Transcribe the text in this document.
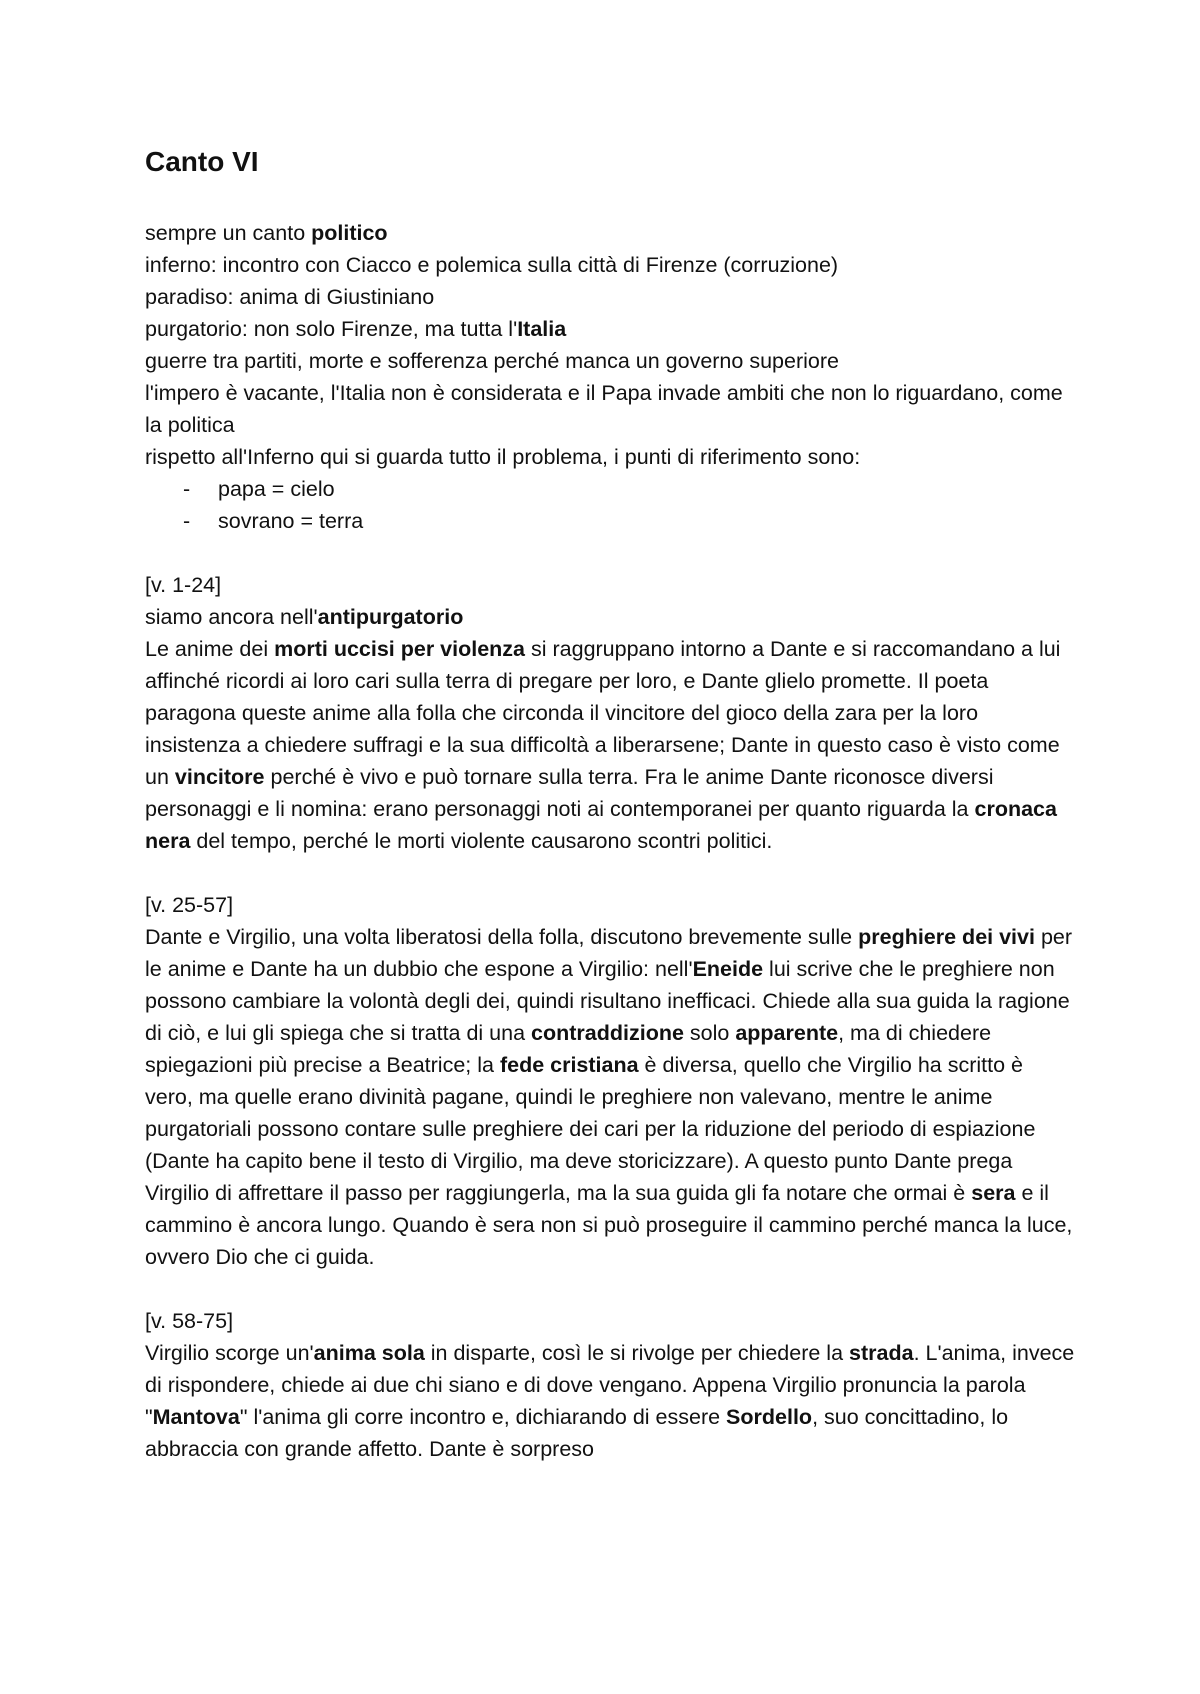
Canto VI
sempre un canto politico
inferno: incontro con Ciacco e polemica sulla città di Firenze (corruzione)
paradiso: anima di Giustiniano
purgatorio: non solo Firenze, ma tutta l'Italia
guerre tra partiti, morte e sofferenza perché manca un governo superiore
l'impero è vacante, l'Italia non è considerata e il Papa invade ambiti che non lo riguardano, come la politica
rispetto all'Inferno qui si guarda tutto il problema, i punti di riferimento sono:
-	papa = cielo
-	sovrano = terra
[v. 1-24]
siamo ancora nell'antipurgatorio

Le anime dei morti uccisi per violenza si raggruppano intorno a Dante e si raccomandano a lui affinché ricordi ai loro cari sulla terra di pregare per loro, e Dante glielo promette. Il poeta paragona queste anime alla folla che circonda il vincitore del gioco della zara per la loro insistenza a chiedere suffragi e la sua difficoltà a liberarsene; Dante in questo caso è visto come un vincitore perché è vivo e può tornare sulla terra. Fra le anime Dante riconosce diversi personaggi e li nomina: erano personaggi noti ai contemporanei per quanto riguarda la cronaca nera del tempo, perché le morti violente causarono scontri politici.

[v. 25-57]

Dante e Virgilio, una volta liberatosi della folla, discutono brevemente sulle preghiere dei vivi per le anime e Dante ha un dubbio che espone a Virgilio: nell'Eneide lui scrive che le preghiere non possono cambiare la volontà degli dei, quindi risultano inefficaci. Chiede alla sua guida la ragione di ciò, e lui gli spiega che si tratta di una contraddizione solo apparente, ma di chiedere spiegazioni più precise a Beatrice; la fede cristiana è diversa, quello che Virgilio ha scritto è vero, ma quelle erano divinità pagane, quindi le preghiere non valevano, mentre le anime purgatoriali possono contare sulle preghiere dei cari per la riduzione del periodo di espiazione (Dante ha capito bene il testo di Virgilio, ma deve storicizzare). A questo punto Dante prega Virgilio di affrettare il passo per raggiungerla, ma la sua guida gli fa notare che ormai è sera e il cammino è ancora lungo. Quando è sera non si può proseguire il cammino perché manca la luce, ovvero Dio che ci guida.

[v. 58-75]

Virgilio scorge un'anima sola in disparte, così le si rivolge per chiedere la strada. L'anima, invece di rispondere, chiede ai due chi siano e di dove vengano. Appena Virgilio pronuncia la parola "Mantova" l'anima gli corre incontro e, dichiarando di essere Sordello, suo concittadino, lo abbraccia con grande affetto. Dante è sorpreso
